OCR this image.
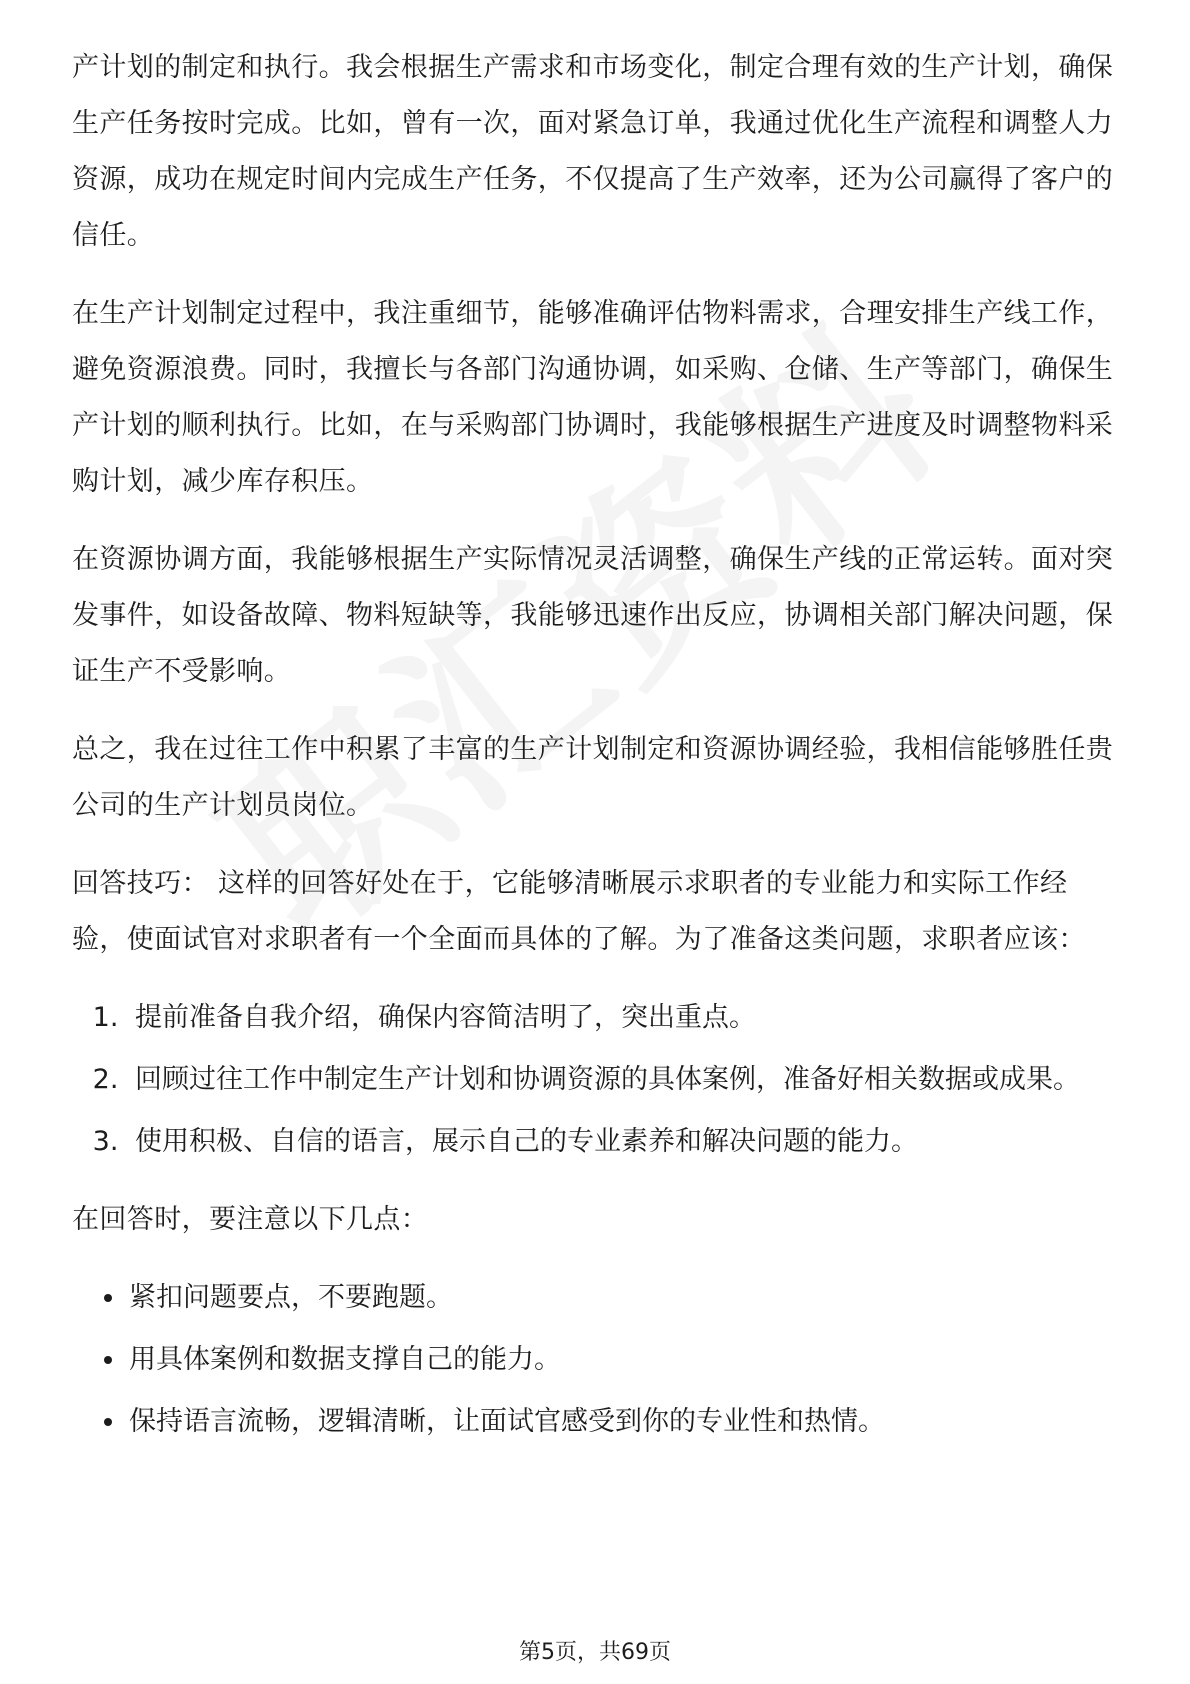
产计划的制定和执行。我会根据生产需求和市场变化，制定合理有效的生产计划，确保生产任务按时完成。比如，曾有一次，面对紧急订单，我通过优化生产流程和调整人力资源，成功在规定时间内完成生产任务，不仅提高了生产效率，还为公司赢得了客户的信任。

在生产计划制定过程中，我注重细节，能够准确评估物料需求，合理安排生产线工作，避免资源浪费。同时，我擅长与各部门沟通协调，如采购、仓储、生产等部门，确保生产计划的顺利执行。比如，在与采购部门协调时，我能够根据生产进度及时调整物料采购计划，减少库存积压。

在资源协调方面，我能够根据生产实际情况灵活调整，确保生产线的正常运转。面对突发事件，如设备故障、物料短缺等，我能够迅速作出反应，协调相关部门解决问题，保证生产不受影响。

总之，我在过往工作中积累了丰富的生产计划制定和资源协调经验，我相信能够胜任贵公司的生产计划员岗位。

回答技巧： 这样的回答好处在于，它能够清晰展示求职者的专业能力和实际工作经验，使面试官对求职者有一个全面而具体的了解。为了准备这类问题，求职者应该：

1. 提前准备自我介绍，确保内容简洁明了，突出重点。
2. 回顾过往工作中制定生产计划和协调资源的具体案例，准备好相关数据或成果。
3. 使用积极、自信的语言，展示自己的专业素养和解决问题的能力。

在回答时，要注意以下几点：

• 紧扣问题要点，不要跑题。
• 用具体案例和数据支撑自己的能力。
• 保持语言流畅，逻辑清晰，让面试官感受到你的专业性和热情。
第5页，共69页
